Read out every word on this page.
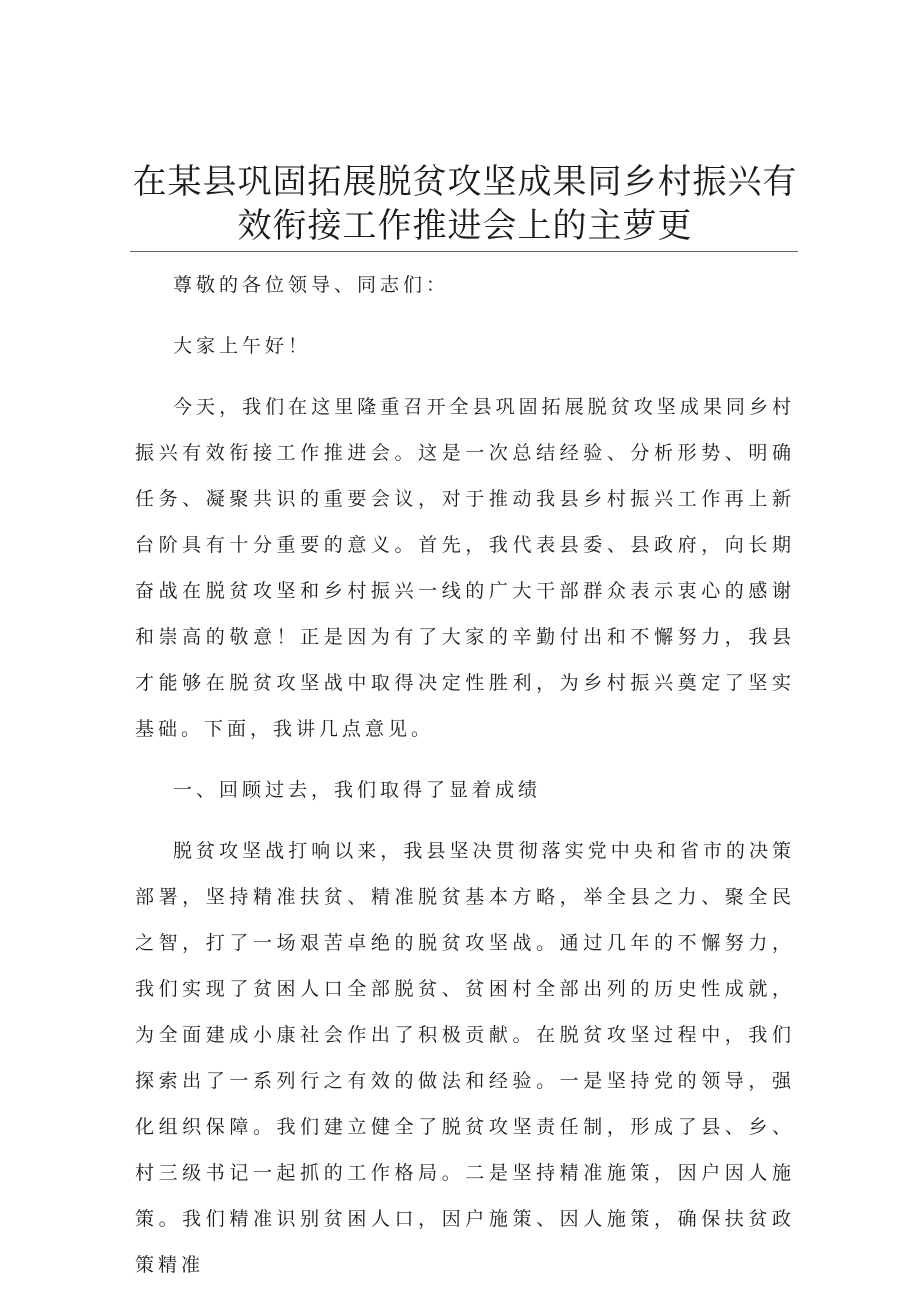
在某县巩固拓展脱贫攻坚成果同乡村振兴有效衔接工作推进会上的主萝更

尊敬的各位领导、同志们：

大家上午好！

今天，我们在这里隆重召开全县巩固拓展脱贫攻坚成果同乡村振兴有效衔接工作推进会。这是一次总结经验、分析形势、明确任务、凝聚共识的重要会议，对于推动我县乡村振兴工作再上新台阶具有十分重要的意义。首先，我代表县委、县政府，向长期奋战在脱贫攻坚和乡村振兴一线的广大干部群众表示衷心的感谢和崇高的敬意！正是因为有了大家的辛勤付出和不懈努力，我县才能够在脱贫攻坚战中取得决定性胜利，为乡村振兴奠定了坚实基础。下面，我讲几点意见。

一、回顾过去，我们取得了显着成绩

脱贫攻坚战打响以来，我县坚决贯彻落实党中央和省市的决策部署，坚持精准扶贫、精准脱贫基本方略，举全县之力、聚全民之智，打了一场艰苦卓绝的脱贫攻坚战。通过几年的不懈努力，我们实现了贫困人口全部脱贫、贫困村全部出列的历史性成就，为全面建成小康社会作出了积极贡献。在脱贫攻坚过程中，我们探索出了一系列行之有效的做法和经验。一是坚持党的领导，强化组织保障。我们建立健全了脱贫攻坚责任制，形成了县、乡、村三级书记一起抓的工作格局。二是坚持精准施策，因户因人施策。我们精准识别贫困人口，因户施策、因人施策，确保扶贫政策精准
